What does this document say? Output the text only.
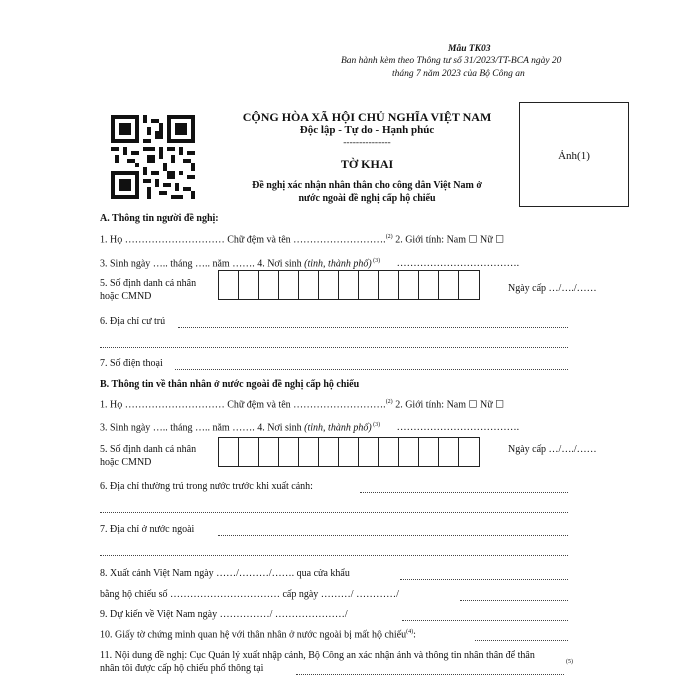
Mẫu TK03
Ban hành kèm theo Thông tư số 31/2023/TT-BCA ngày 20
tháng 7 năm 2023 của Bộ Công an
CỘNG HÒA XÃ HỘI CHỦ NGHĨA VIỆT NAM
Độc lập - Tự do - Hạnh phúc
---------------
TỜ KHAI
Đề nghị xác nhận nhân thân cho công dân Việt Nam ở
nước ngoài đề nghị cấp hộ chiếu
Ảnh(1)
A. Thông tin người đề nghị:
1. Họ ………………………… Chữ đệm và tên ……………………….$^{(2)}$ 2. Giới tính: Nam ☐ Nữ ☐
3. Sinh ngày ….. tháng ….. năm ……. 4. Nơi sinh (tỉnh, thành phố) $^{(3)}$ ……………………………….
5. Số định danh cá nhân
hoặc CMND
Ngày cấp …/…./……
6. Địa chỉ cư trú
7. Số điện thoại
B. Thông tin về thân nhân ở nước ngoài đề nghị cấp hộ chiếu
1. Họ ………………………… Chữ đệm và tên ……………………….$^{(2)}$ 2. Giới tính: Nam ☐ Nữ ☐
3. Sinh ngày ….. tháng ….. năm ……. 4. Nơi sinh (tỉnh, thành phố) $^{(3)}$ ……………………………….
5. Số định danh cá nhân
hoặc CMND
Ngày cấp …/…./……
6. Địa chỉ thường trú trong nước trước khi xuất cảnh:
7. Địa chỉ ở nước ngoài
8. Xuất cảnh Việt Nam ngày ……/………/……. qua cửa khẩu
bằng hộ chiếu số …………………………… cấp ngày ………/ …………/
9. Dự kiến về Việt Nam ngày ……………/ …………………/
10. Giấy tờ chứng minh quan hệ với thân nhân ở nước ngoài bị mất hộ chiếu$^{(4)}$:
11. Nội dung đề nghị: Cục Quản lý xuất nhập cảnh, Bộ Công an xác nhận ảnh và thông tin nhân thân để thân
nhân tôi được cấp hộ chiếu phổ thông tại
(5)
